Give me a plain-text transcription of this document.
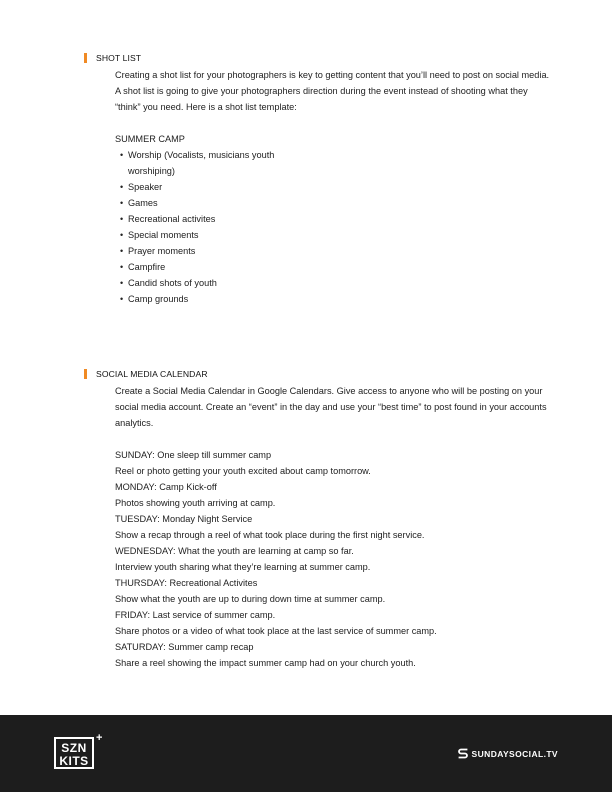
SHOT LIST

Creating a shot list for your photographers is key to getting content that you’ll need to post on social media. A shot list is going to give your photographers direction during the event instead of shooting what they “think” you need. Here is a shot list template:

SUMMER CAMP

• Worship (Vocalists, musicians youth worshiping)
• Speaker
• Games
• Recreational activites
• Special moments
• Prayer moments
• Campfire
• Candid shots of youth
• Camp grounds
SOCIAL MEDIA CALENDAR

Create a Social Media Calendar in Google Calendars. Give access to anyone who will be posting on your social media account. Create an “event” in the day and use your “best time” to post found in your accounts analytics.

SUNDAY: One sleep till summer camp

Reel or photo getting your youth excited about camp tomorrow.

MONDAY: Camp Kick-off

Photos showing youth arriving at camp.

TUESDAY: Monday Night Service

Show a recap through a reel of what took place during the first night service.

WEDNESDAY: What the youth are learning at camp so far.

Interview youth sharing what they’re learning at summer camp.

THURSDAY: Recreational Activites

Show what the youth are up to during down time at summer camp.

FRIDAY: Last service of summer camp.

Share photos or a video of what took place at the last service of summer camp.

SATURDAY: Summer camp recap

Share a reel showing the impact summer camp had on your church youth.

SZN
KITS
+
SUNDAYSOCIAL.TV
